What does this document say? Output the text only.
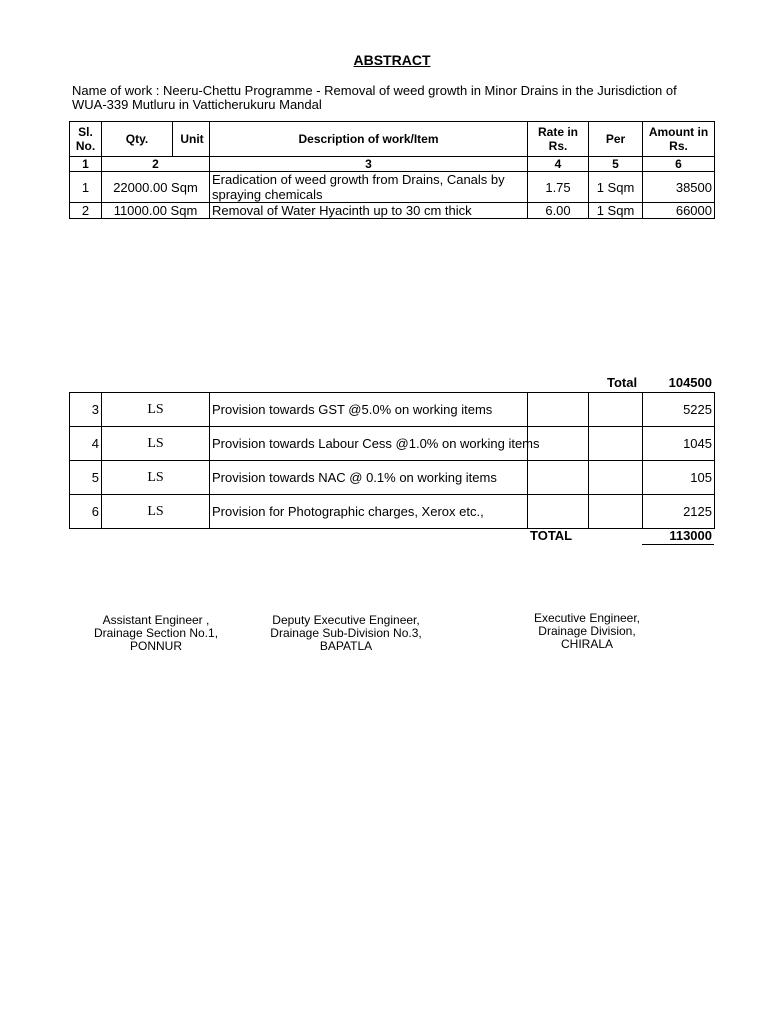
ABSTRACT
Name of work : Neeru-Chettu Programme - Removal of weed growth in Minor Drains in the Jurisdiction of WUA-339 Mutluru in Vatticherukuru Mandal
Sl. No.	Qty.	Unit	Description of work/Item	Rate in Rs.	Per	Amount in Rs.
1	2		3	4	5	6
1	22000.00 Sqm		Eradication of weed growth from Drains, Canals by spraying chemicals	1.75	1 Sqm	38500
2	11000.00 Sqm		Removal of Water Hyacinth up to 30 cm thick	6.00	1 Sqm	66000
Total 104500
3	LS	Provision towards GST @5.0% on working items			5225
4	LS	Provision towards Labour Cess @1.0% on working items			1045
5	LS	Provision towards NAC @ 0.1% on working items			105
6	LS	Provision for Photographic charges, Xerox etc.,			2125
TOTAL	113000
Assistant Engineer ,
Drainage Section No.1,
PONNUR
Deputy Executive Engineer,
Drainage Sub-Division No.3,
BAPATLA
Executive Engineer,
Drainage Division,
CHIRALA
